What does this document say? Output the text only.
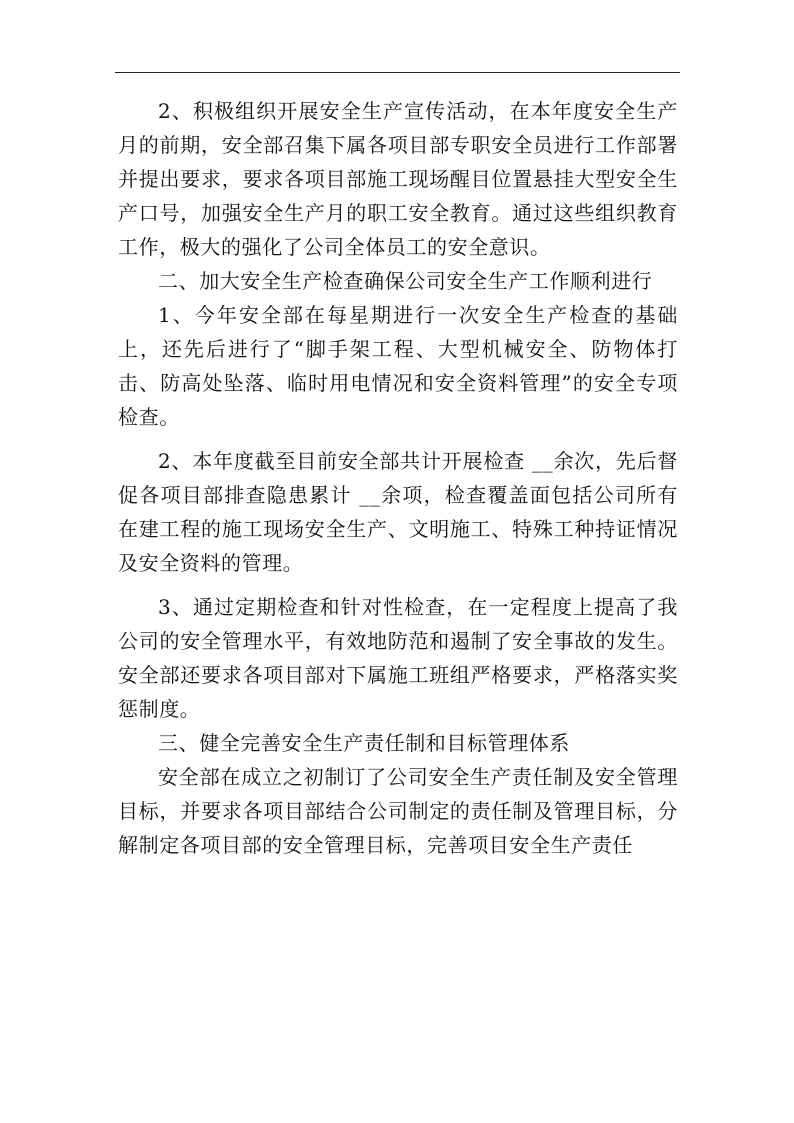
2、积极组织开展安全生产宣传活动，在本年度安全生产月的前期，安全部召集下属各项目部专职安全员进行工作部署并提出要求，要求各项目部施工现场醒目位置悬挂大型安全生产口号，加强安全生产月的职工安全教育。通过这些组织教育工作，极大的强化了公司全体员工的安全意识。

二、加大安全生产检查确保公司安全生产工作顺利进行

1、今年安全部在每星期进行一次安全生产检查的基础上，还先后进行了“脚手架工程、大型机械安全、防物体打击、防高处坠落、临时用电情况和安全资料管理”的安全专项检查。

2、本年度截至目前安全部共计开展检查 __余次，先后督促各项目部排查隐患累计 __余项，检查覆盖面包括公司所有在建工程的施工现场安全生产、文明施工、特殊工种持证情况及安全资料的管理。

3、通过定期检查和针对性检查，在一定程度上提高了我公司的安全管理水平，有效地防范和遏制了安全事故的发生。安全部还要求各项目部对下属施工班组严格要求，严格落实奖惩制度。

三、健全完善安全生产责任制和目标管理体系

安全部在成立之初制订了公司安全生产责任制及安全管理目标，并要求各项目部结合公司制定的责任制及管理目标，分解制定各项目部的安全管理目标，完善项目安全生产责任
